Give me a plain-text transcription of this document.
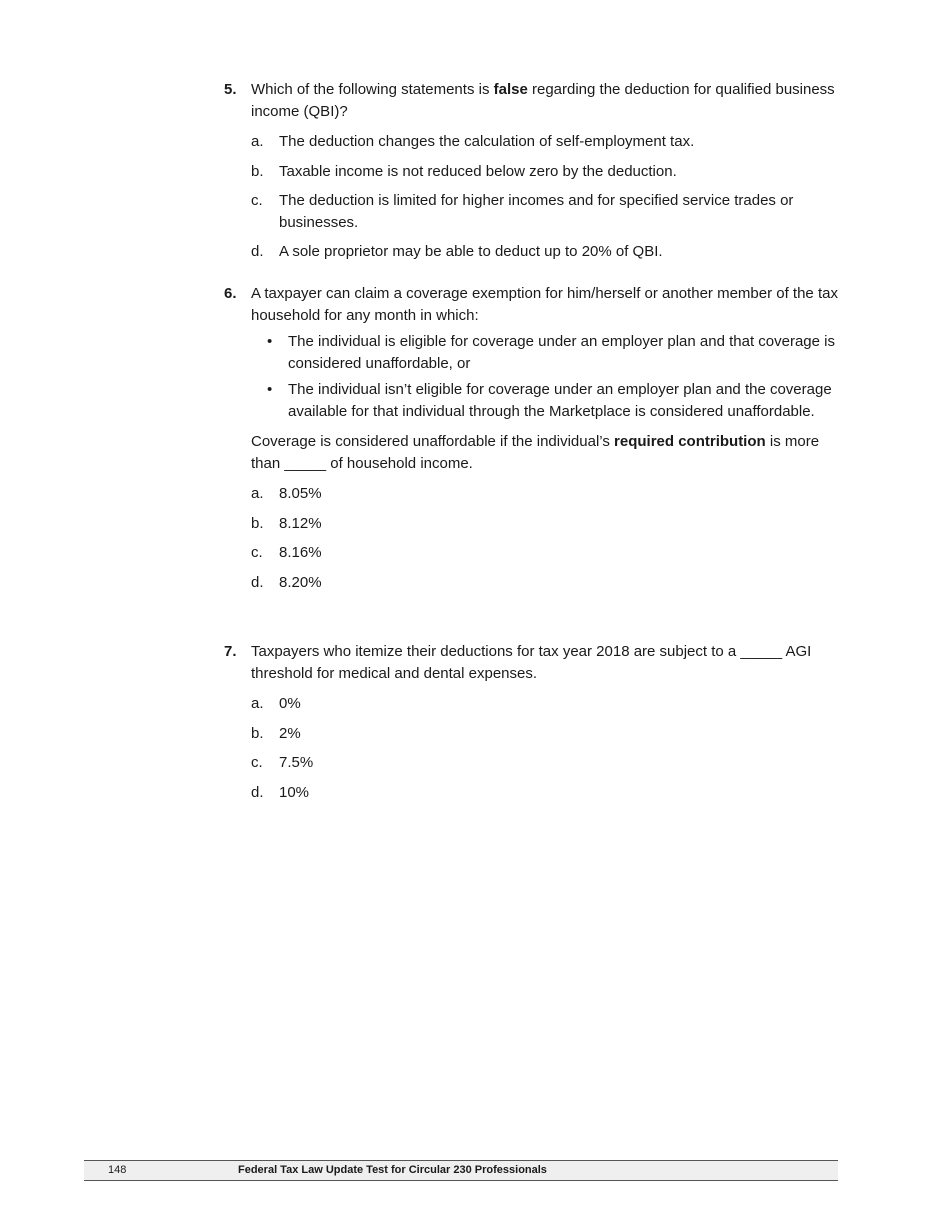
5. Which of the following statements is false regarding the deduction for qualified business income (QBI)?

a. The deduction changes the calculation of self-employment tax.
b. Taxable income is not reduced below zero by the deduction.
c. The deduction is limited for higher incomes and for specified service trades or businesses.
d. A sole proprietor may be able to deduct up to 20% of QBI.
6. A taxpayer can claim a coverage exemption for him/herself or another member of the tax household for any month in which:

• The individual is eligible for coverage under an employer plan and that coverage is considered unaffordable, or
• The individual isn’t eligible for coverage under an employer plan and the coverage available for that individual through the Marketplace is considered unaffordable.

Coverage is considered unaffordable if the individual’s required contribution is more than _____ of household income.

a. 8.05%
b. 8.12%
c. 8.16%
d. 8.20%
7. Taxpayers who itemize their deductions for tax year 2018 are subject to a _____ AGI threshold for medical and dental expenses.

a. 0%
b. 2%
c. 7.5%
d. 10%
148	Federal Tax Law Update Test for Circular 230 Professionals
